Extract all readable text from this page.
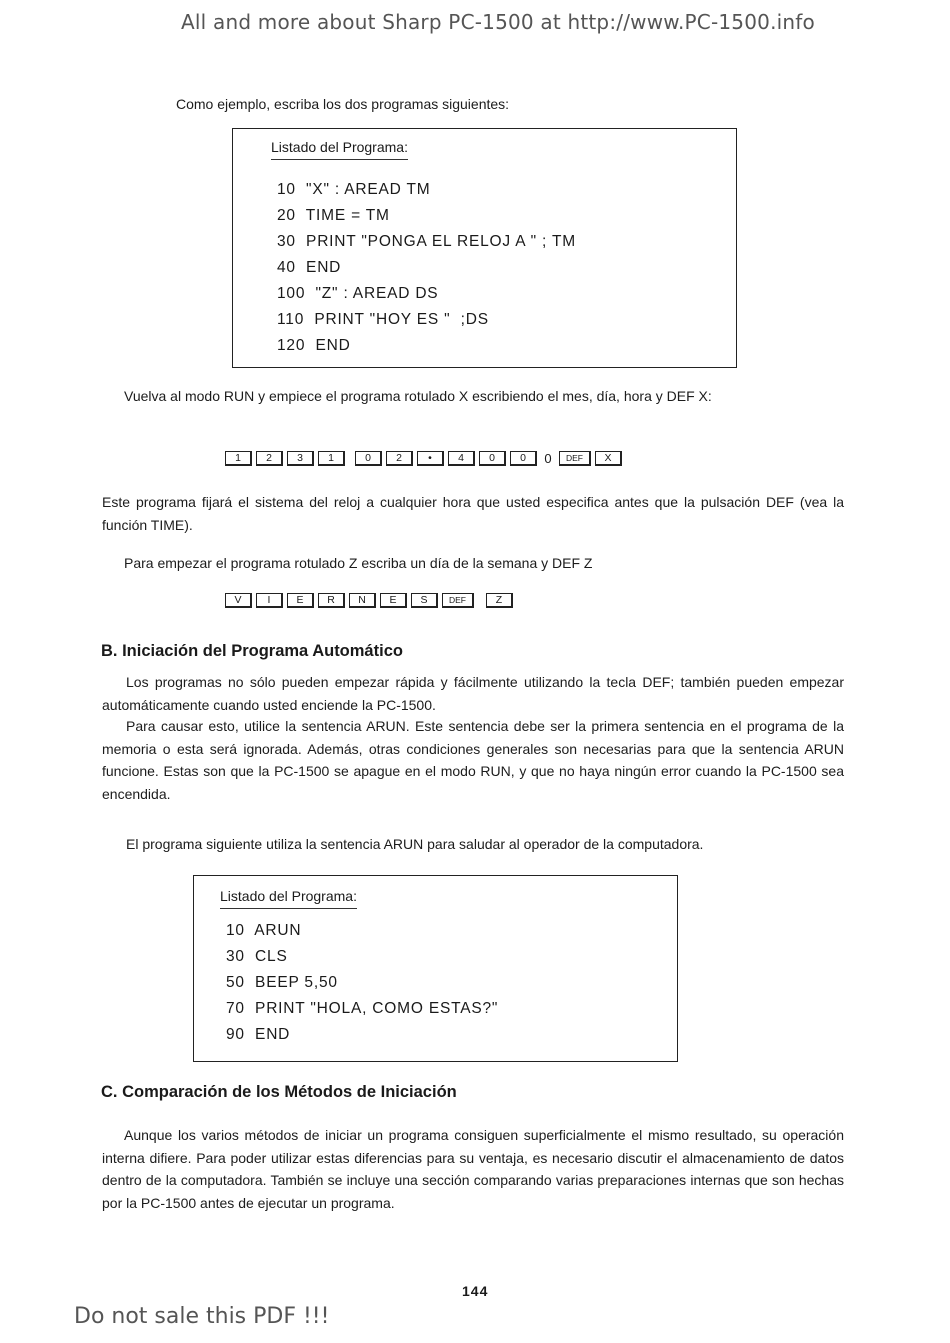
All and more about Sharp PC-1500 at http://www.PC-1500.info
Como ejemplo, escriba los dos programas siguientes:
Listado del Programa:
10  "X" : AREAD TM
20  TIME = TM
30  PRINT "PONGA EL RELOJ A " ; TM
40  END
100  "Z" : AREAD DS
110  PRINT "HOY ES "  ;DS
120  END
Vuelva al modo RUN y empiece el programa rotulado X escribiendo el mes, día, hora y DEF X:
1	2	3	1	0	2	•	4	0	0	0	DEF	X
Este programa fijará el sistema del reloj a cualquier hora que usted especifica antes que la pulsación DEF (vea la función TIME).
Para empezar el programa rotulado Z escriba un día de la semana y DEF Z
V	I	E	R	N	E	S	DEF	Z
B. Iniciación del Programa Automático
Los programas no sólo pueden empezar rápida y fácilmente utilizando la tecla DEF; también pueden empezar automáticamente cuando usted enciende la PC-1500.
Para causar esto, utilice la sentencia ARUN. Este sentencia debe ser la primera sentencia en el programa de la memoria o esta será ignorada. Además, otras condiciones generales son necesarias para que la sentencia ARUN funcione. Estas son que la PC-1500 se apague en el modo RUN, y que no haya ningún error cuando la PC-1500 sea encendida.
El programa siguiente utiliza la sentencia ARUN para saludar al operador de la computadora.
Listado del Programa:
10  ARUN
30  CLS
50  BEEP 5,50
70  PRINT "HOLA, COMO ESTAS?"
90  END
C. Comparación de los Métodos de Iniciación
Aunque los varios métodos de iniciar un programa consiguen superficialmente el mismo resultado, su operación interna difiere. Para poder utilizar estas diferencias para su ventaja, es necesario discutir el almacenamiento de datos dentro de la computadora. También se incluye una sección comparando varias preparaciones internas que son hechas por la PC-1500 antes de ejecutar un programa.
144
Do not sale this PDF !!!
